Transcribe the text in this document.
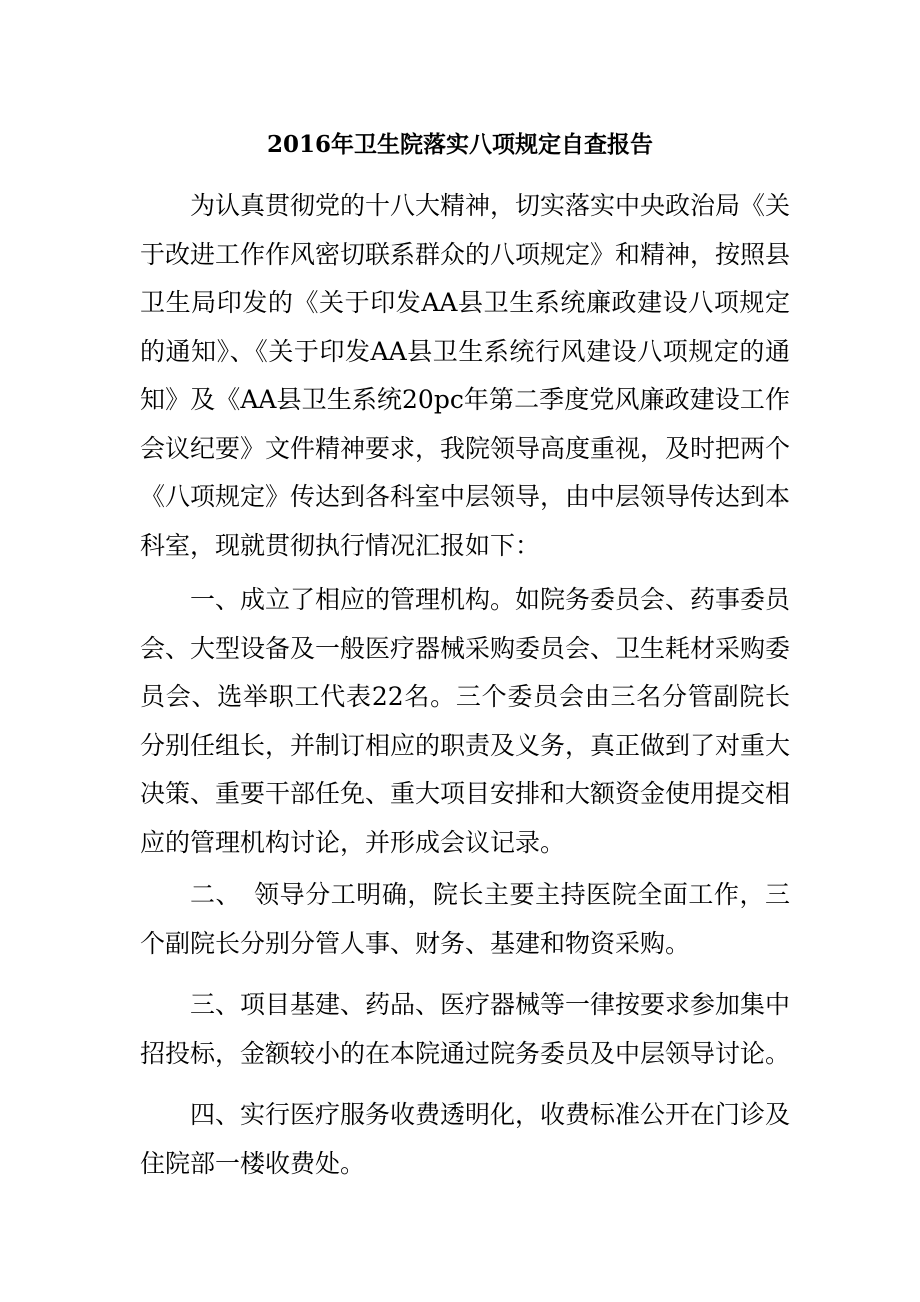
2016年卫生院落实八项规定自查报告

为认真贯彻党的十八大精神，切实落实中央政治局《关于改进工作作风密切联系群众的八项规定》和精神，按照县卫生局印发的《关于印发AA县卫生系统廉政建设八项规定的通知》、《关于印发AA县卫生系统行风建设八项规定的通知》及《AA县卫生系统20pc年第二季度党风廉政建设工作会议纪要》文件精神要求，我院领导高度重视，及时把两个《八项规定》传达到各科室中层领导，由中层领导传达到本科室，现就贯彻执行情况汇报如下：

一、成立了相应的管理机构。如院务委员会、药事委员会、大型设备及一般医疗器械采购委员会、卫生耗材采购委员会、选举职工代表22名。三个委员会由三名分管副院长分别任组长，并制订相应的职责及义务，真正做到了对重大决策、重要干部任免、重大项目安排和大额资金使用提交相应的管理机构讨论，并形成会议记录。

二、　领导分工明确，院长主要主持医院全面工作，三个副院长分别分管人事、财务、基建和物资采购。

三、项目基建、药品、医疗器械等一律按要求参加集中招投标，金额较小的在本院通过院务委员及中层领导讨论。

四、实行医疗服务收费透明化，收费标准公开在门诊及住院部一楼收费处。
